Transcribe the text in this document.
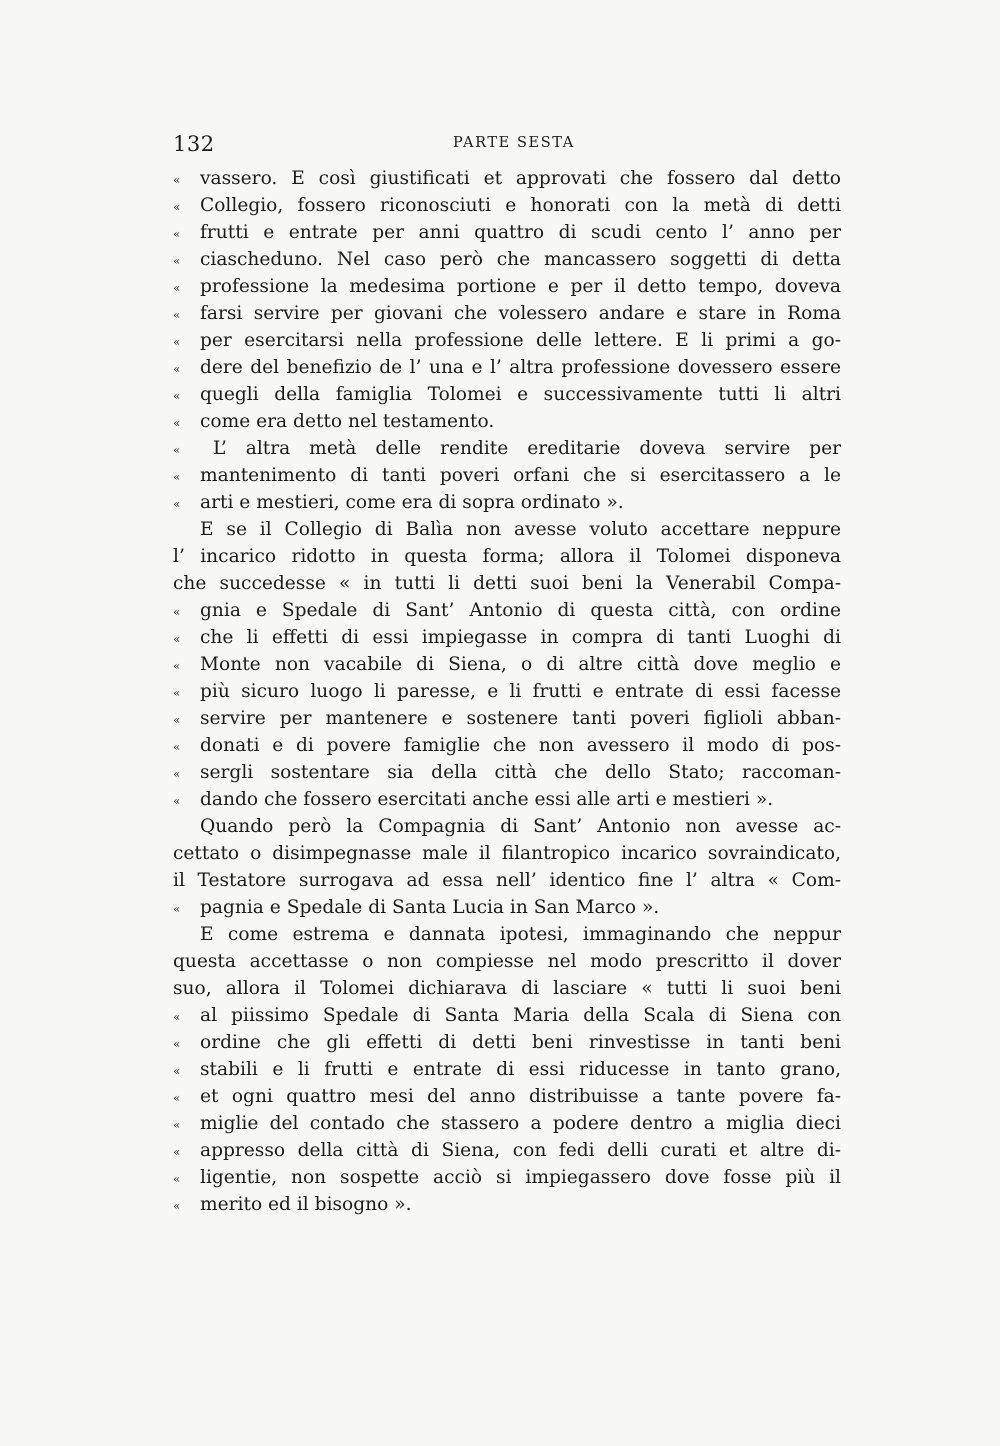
132	PARTE SESTA
«	vassero. E così giustificati et approvati che fossero dal detto
«	Collegio, fossero riconosciuti e honorati con la metà di detti
«	frutti e entrate per anni quattro di scudi cento l’ anno per
«	ciascheduno. Nel caso però che mancassero soggetti di detta
«	professione la medesima portione e per il detto tempo, doveva
«	farsi servire per giovani che volessero andare e stare in Roma
«	per esercitarsi nella professione delle lettere. E li primi a go-
«	dere del benefizio de l’ una e l’ altra professione dovessero essere
«	quegli della famiglia Tolomei e successivamente tutti li altri
«	come era detto nel testamento.
«	L’ altra metà delle rendite ereditarie doveva servire per
«	mantenimento di tanti poveri orfani che si esercitassero a le
«	arti e mestieri, come era di sopra ordinato ».
E se il Collegio di Balìa non avesse voluto accettare neppure
l’ incarico ridotto in questa forma; allora il Tolomei disponeva
che succedesse « in tutti li detti suoi beni la Venerabil Compa-
«	gnia e Spedale di Sant’ Antonio di questa città, con ordine
«	che li effetti di essi impiegasse in compra di tanti Luoghi di
«	Monte non vacabile di Siena, o di altre città dove meglio e
«	più sicuro luogo li paresse, e li frutti e entrate di essi facesse
«	servire per mantenere e sostenere tanti poveri figlioli abban-
«	donati e di povere famiglie che non avessero il modo di pos-
«	sergli sostentare sia della città che dello Stato; raccoman-
«	dando che fossero esercitati anche essi alle arti e mestieri ».
Quando però la Compagnia di Sant’ Antonio non avesse ac-
cettato o disimpegnasse male il filantropico incarico sovraindicato,
il Testatore surrogava ad essa nell’ identico fine l’ altra « Com-
«	pagnia e Spedale di Santa Lucia in San Marco ».
E come estrema e dannata ipotesi, immaginando che neppur
questa accettasse o non compiesse nel modo prescritto il dover
suo, allora il Tolomei dichiarava di lasciare « tutti li suoi beni
«	al piissimo Spedale di Santa Maria della Scala di Siena con
«	ordine che gli effetti di detti beni rinvestisse in tanti beni
«	stabili e li frutti e entrate di essi riducesse in tanto grano,
«	et ogni quattro mesi del anno distribuisse a tante povere fa-
«	miglie del contado che stassero a podere dentro a miglia dieci
«	appresso della città di Siena, con fedi delli curati et altre di-
«	ligentie, non sospette acciò si impiegassero dove fosse più il
«	merito ed il bisogno ».
